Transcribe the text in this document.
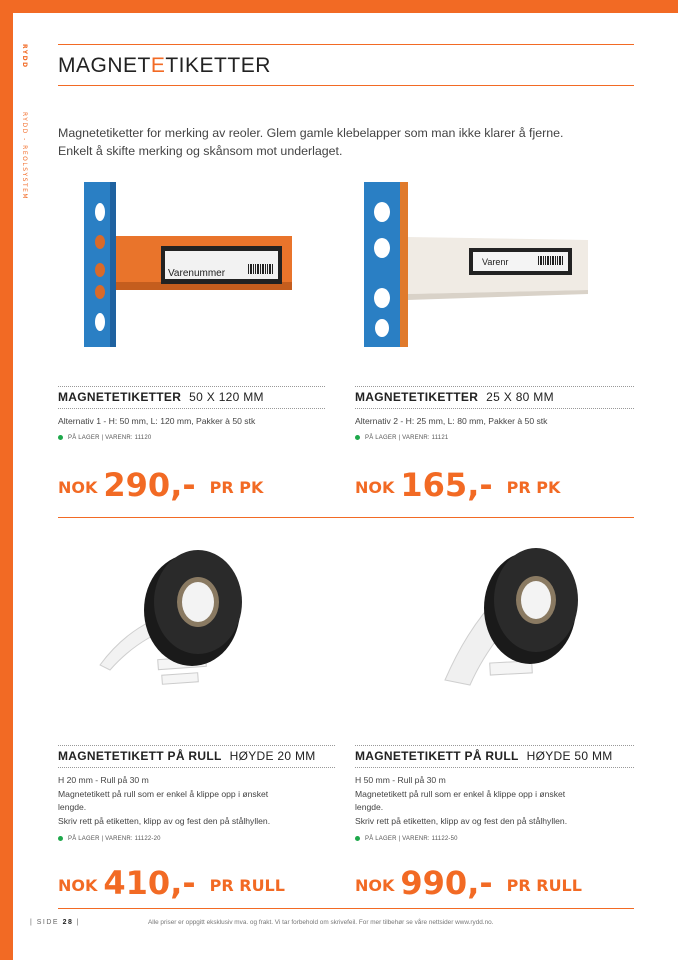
RYDD
RYDD - REOLSYSTEM
MAGNETETIKETTER
Magnetetiketter for merking av reoler. Glem gamle klebelapper som man ikke klarer å fjerne.
Enkelt å skifte merking og skånsom mot underlaget.
Varenummer
Varenr
MAGNETETIKETTER 50 X 120 MM
Alternativ 1 - H: 50 mm, L: 120 mm, Pakker à 50 stk
PÅ LAGER | VARENR: 11120
NOK 290,- PR PK
MAGNETETIKETTER 25 X 80 MM
Alternativ 2 - H: 25 mm, L: 80 mm, Pakker à 50 stk
PÅ LAGER | VARENR: 11121
NOK 165,- PR PK
MAGNETETIKETT PÅ RULL HØYDE 20 MM
H 20 mm - Rull på 30 m
Magnetetikett på rull som er enkel å klippe opp i ønsket
lengde.
Skriv rett på etiketten, klipp av og fest den på stålhyllen.
PÅ LAGER | VARENR: 11122-20
NOK 410,- PR RULL
MAGNETETIKETT PÅ RULL HØYDE 50 MM
H 50 mm - Rull på 30 m
Magnetetikett på rull som er enkel å klippe opp i ønsket
lengde.
Skriv rett på etiketten, klipp av og fest den på stålhyllen.
PÅ LAGER | VARENR: 11122-50
NOK 990,- PR RULL
| SIDE 28 |	Alle priser er oppgitt eksklusiv mva. og frakt. Vi tar forbehold om skrivefeil. For mer tilbehør se våre nettsider www.rydd.no.
